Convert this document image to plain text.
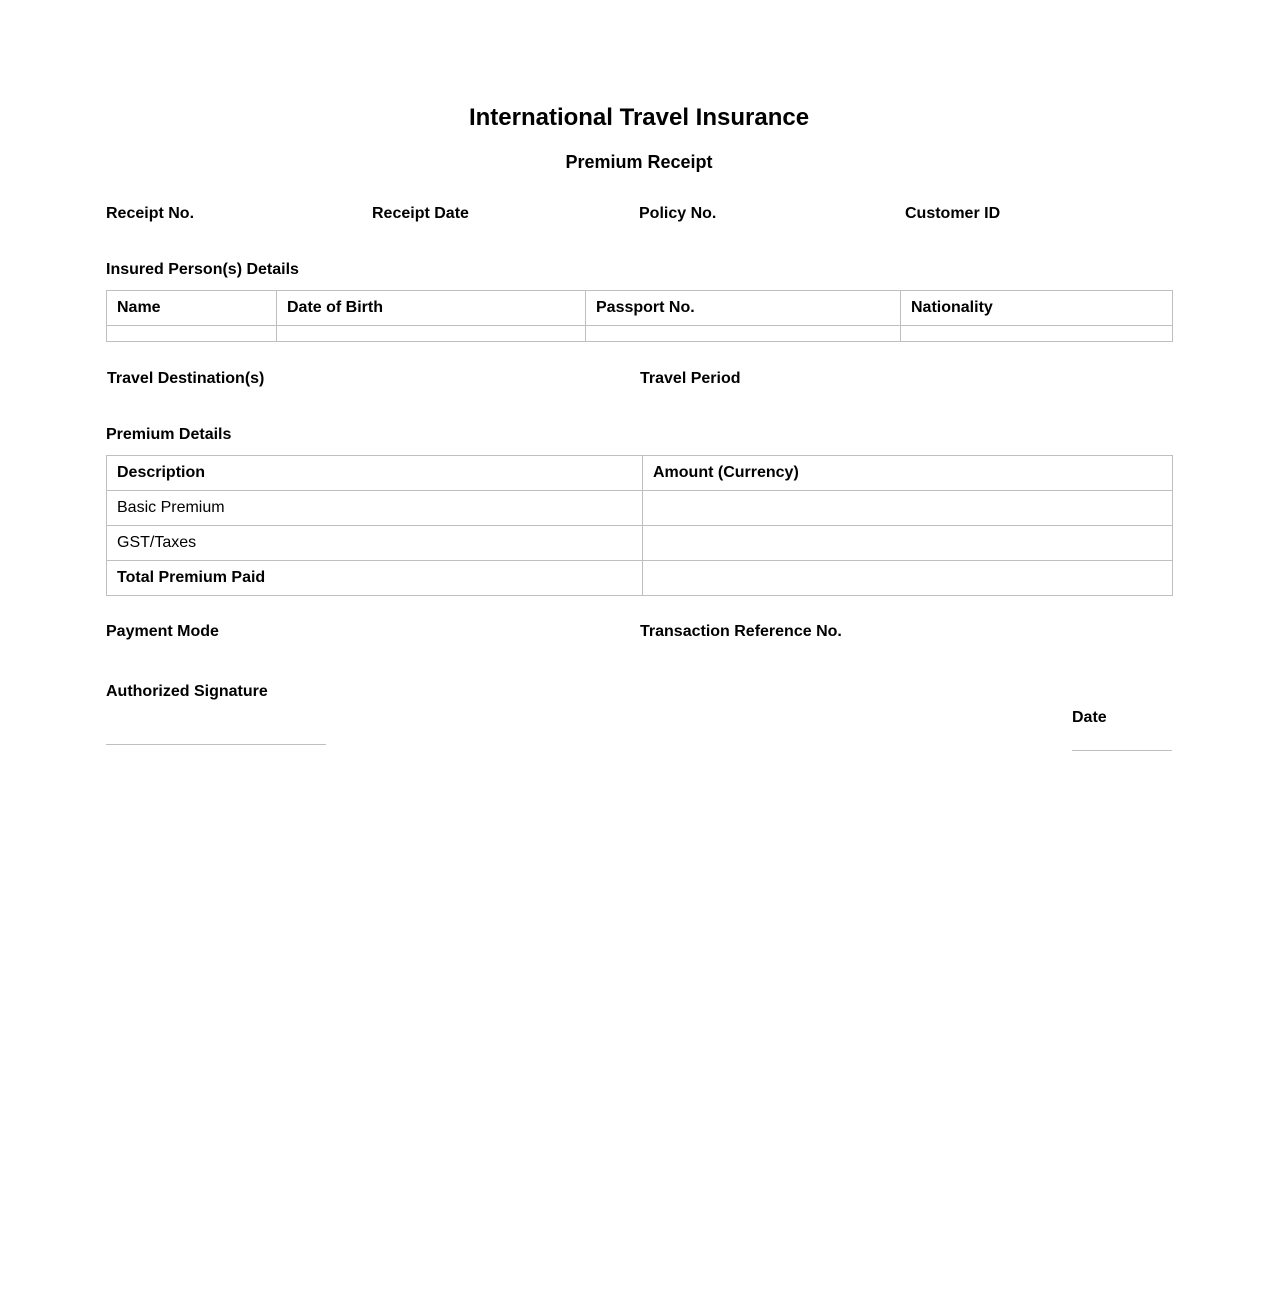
International Travel Insurance
Premium Receipt
Receipt No.	Receipt Date	Policy No.	Customer ID
Insured Person(s) Details
Name	Date of Birth	Passport No.	Nationality

Travel Destination(s)	Travel Period
Premium Details
Description	Amount (Currency)
Basic Premium	
GST/Taxes	
Total Premium Paid	
Payment Mode	Transaction Reference No.
Authorized Signature
Date
